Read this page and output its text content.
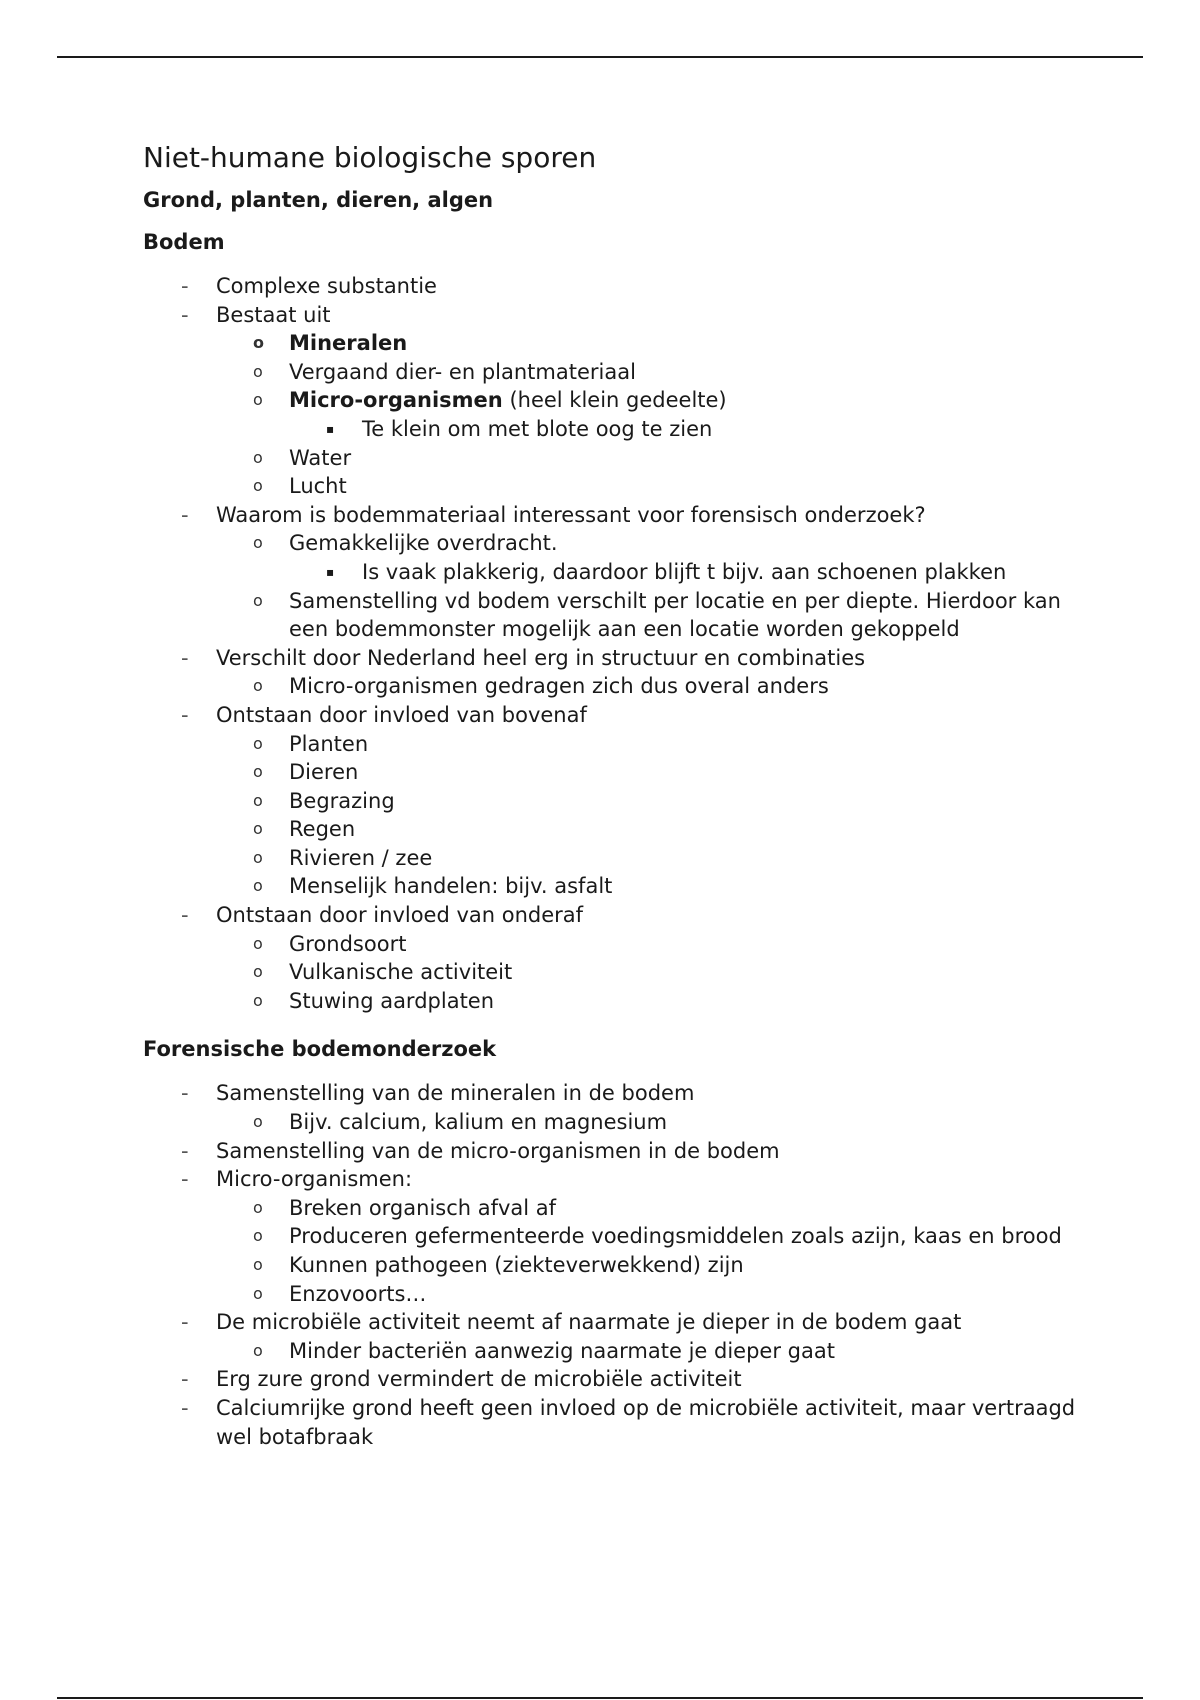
Niet-humane biologische sporen
Grond, planten, dieren, algen
Bodem
- Complexe substantie
- Bestaat uit
o Mineralen
o Vergaand dier- en plantmateriaal
o Micro-organismen (heel klein gedeelte)
▪ Te klein om met blote oog te zien
o Water
o Lucht
- Waarom is bodemmateriaal interessant voor forensisch onderzoek?
o Gemakkelijke overdracht.
▪ Is vaak plakkerig, daardoor blijft t bijv. aan schoenen plakken
o Samenstelling vd bodem verschilt per locatie en per diepte. Hierdoor kan een bodemmonster mogelijk aan een locatie worden gekoppeld
- Verschilt door Nederland heel erg in structuur en combinaties
o Micro-organismen gedragen zich dus overal anders
- Ontstaan door invloed van bovenaf
o Planten
o Dieren
o Begrazing
o Regen
o Rivieren / zee
o Menselijk handelen: bijv. asfalt
- Ontstaan door invloed van onderaf
o Grondsoort
o Vulkanische activiteit
o Stuwing aardplaten
Forensische bodemonderzoek
- Samenstelling van de mineralen in de bodem
o Bijv. calcium, kalium en magnesium
- Samenstelling van de micro-organismen in de bodem
- Micro-organismen:
o Breken organisch afval af
o Produceren gefermenteerde voedingsmiddelen zoals azijn, kaas en brood
o Kunnen pathogeen (ziekteverwekkend) zijn
o Enzovoorts…
- De microbiële activiteit neemt af naarmate je dieper in de bodem gaat
o Minder bacteriën aanwezig naarmate je dieper gaat
- Erg zure grond vermindert de microbiële activiteit
- Calciumrijke grond heeft geen invloed op de microbiële activiteit, maar vertraagd wel botafbraak
